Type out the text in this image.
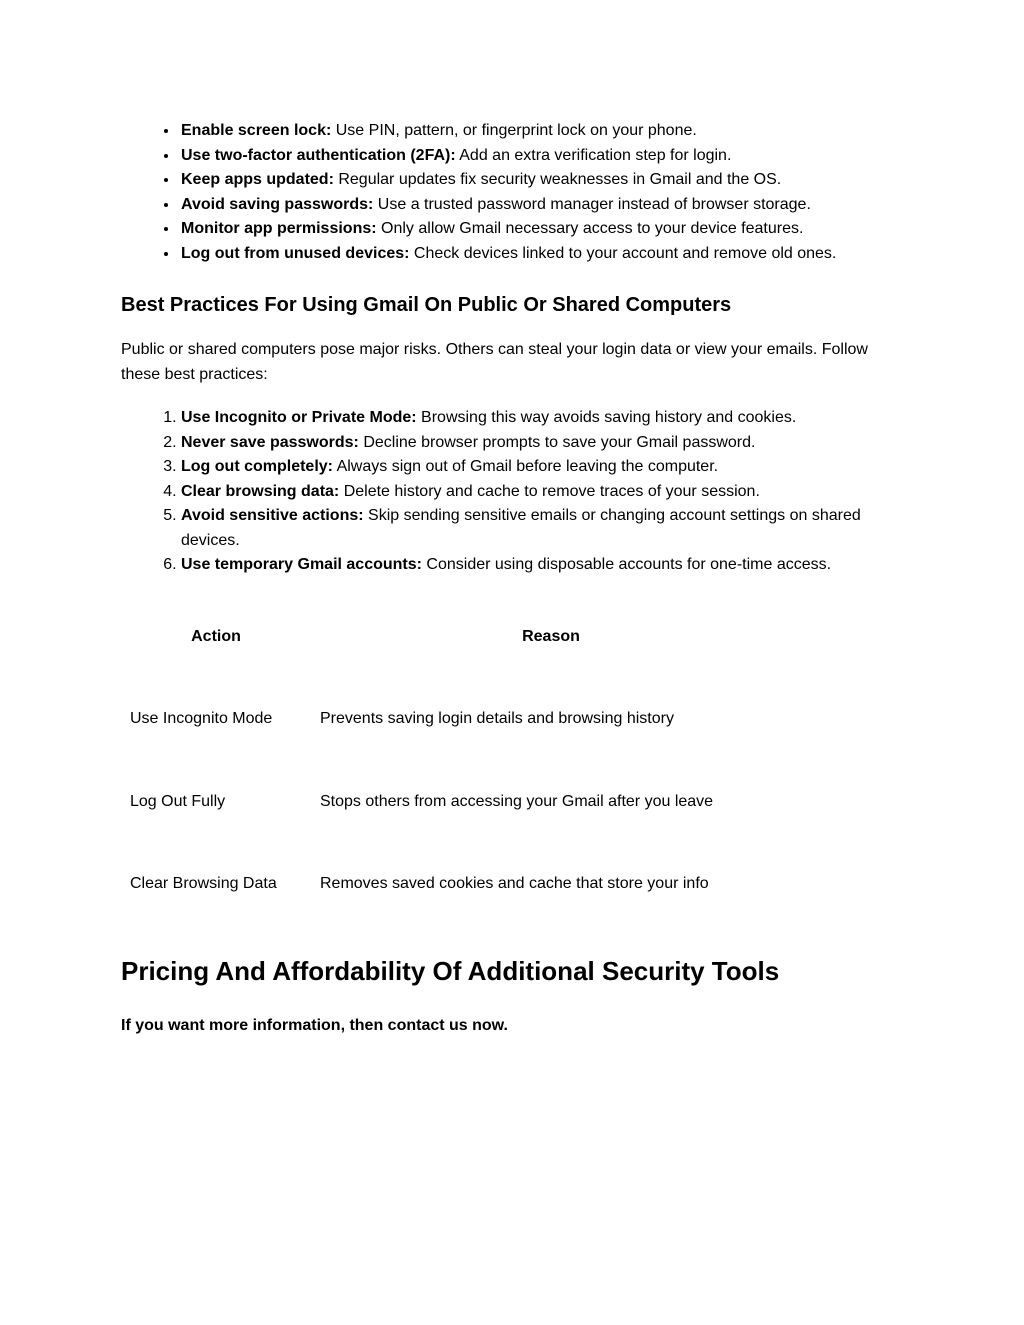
• Enable screen lock: Use PIN, pattern, or fingerprint lock on your phone.
• Use two-factor authentication (2FA): Add an extra verification step for login.
• Keep apps updated: Regular updates fix security weaknesses in Gmail and the OS.
• Avoid saving passwords: Use a trusted password manager instead of browser storage.
• Monitor app permissions: Only allow Gmail necessary access to your device features.
• Log out from unused devices: Check devices linked to your account and remove old ones.
Best Practices For Using Gmail On Public Or Shared Computers

Public or shared computers pose major risks. Others can steal your login data or view your emails. Follow these best practices:

1. Use Incognito or Private Mode: Browsing this way avoids saving history and cookies.
2. Never save passwords: Decline browser prompts to save your Gmail password.
3. Log out completely: Always sign out of Gmail before leaving the computer.
4. Clear browsing data: Delete history and cache to remove traces of your session.
5. Avoid sensitive actions: Skip sending sensitive emails or changing account settings on shared devices.
6. Use temporary Gmail accounts: Consider using disposable accounts for one-time access.
Action	Reason
Use Incognito Mode	Prevents saving login details and browsing history
Log Out Fully	Stops others from accessing your Gmail after you leave
Clear Browsing Data	Removes saved cookies and cache that store your info
Pricing And Affordability Of Additional Security Tools

If you want more information, then contact us now.
